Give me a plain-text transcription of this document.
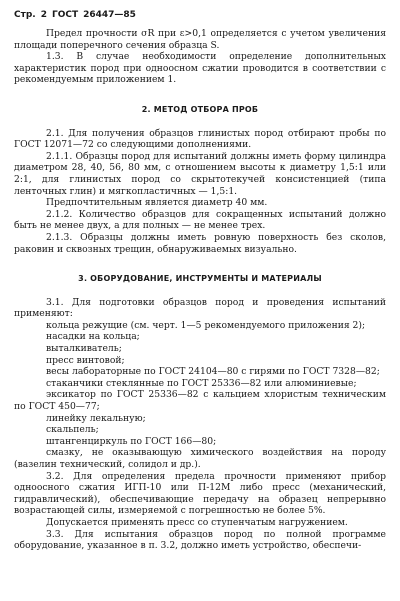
Стр. 2 ГОСТ 26447—85

Предел прочности σR при ε>0,1 определяется с учетом увеличения площади поперечного сечения образца S.

1.3. В случае необходимости определение дополнительных характеристик пород при одноосном сжатии проводится в соответствии с рекомендуемым приложением 1.

2. МЕТОД ОТБОРА ПРОБ

2.1. Для получения образцов глинистых пород отбирают пробы по ГОСТ 12071—72 со следующими дополнениями.

2.1.1. Образцы пород для испытаний должны иметь форму цилиндра диаметром 28, 40, 56, 80 мм, с отношением высоты к диаметру 1,5:1 или 2:1, для глинистых пород со скрытотекучей консистенцией (типа ленточных глин) и мягкопластичных — 1,5:1.

Предпочтительным является диаметр 40 мм.

2.1.2. Количество образцов для сокращенных испытаний должно быть не менее двух, а для полных — не менее трех.

2.1.3. Образцы должны иметь ровную поверхность без сколов, раковин и сквозных трещин, обнаруживаемых визуально.

3. ОБОРУДОВАНИЕ, ИНСТРУМЕНТЫ И МАТЕРИАЛЫ

3.1. Для подготовки образцов пород и проведения испытаний применяют:

кольца режущие (см. черт. 1—5 рекомендуемого приложения 2);

насадки на кольца;

выталкиватель;

пресс винтовой;

весы лабораторные по ГОСТ 24104—80 с гирями по ГОСТ 7328—82;

стаканчики стеклянные по ГОСТ 25336—82 или алюминиевые;

эксикатор по ГОСТ 25336—82 с кальцием хлористым техническим по ГОСТ 450—77;

линейку лекальную;

скальпель;

штангенциркуль по ГОСТ 166—80;

смазку, не оказывающую химического воздействия на породу (вазелин технический, солидол и др.).

3.2. Для определения предела прочности применяют прибор одноосного сжатия ИГП-10 или П-12М либо пресс (механический, гидравлический), обеспечивающие передачу на образец непрерывно возрастающей силы, измеряемой с погрешностью не более 5%.

Допускается применять пресс со ступенчатым нагружением.

3.3. Для испытания образцов пород по полной программе оборудование, указанное в п. 3.2, должно иметь устройство, обеспечи-
